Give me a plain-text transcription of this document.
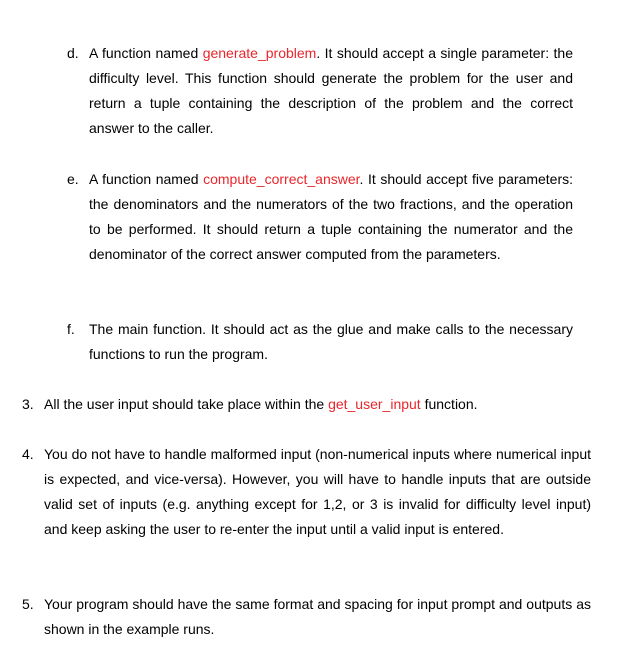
d. A function named generate_problem. It should accept a single parameter: the difficulty level. This function should generate the problem for the user and return a tuple containing the description of the problem and the correct answer to the caller.
e. A function named compute_correct_answer. It should accept five parameters: the denominators and the numerators of the two fractions, and the operation to be performed. It should return a tuple containing the numerator and the denominator of the correct answer computed from the parameters.
f. The main function. It should act as the glue and make calls to the necessary functions to run the program.
3. All the user input should take place within the get_user_input function.
4. You do not have to handle malformed input (non-numerical inputs where numerical input is expected, and vice-versa). However, you will have to handle inputs that are outside valid set of inputs (e.g. anything except for 1,2, or 3 is invalid for difficulty level input) and keep asking the user to re-enter the input until a valid input is entered.
5. Your program should have the same format and spacing for input prompt and outputs as shown in the example runs.
